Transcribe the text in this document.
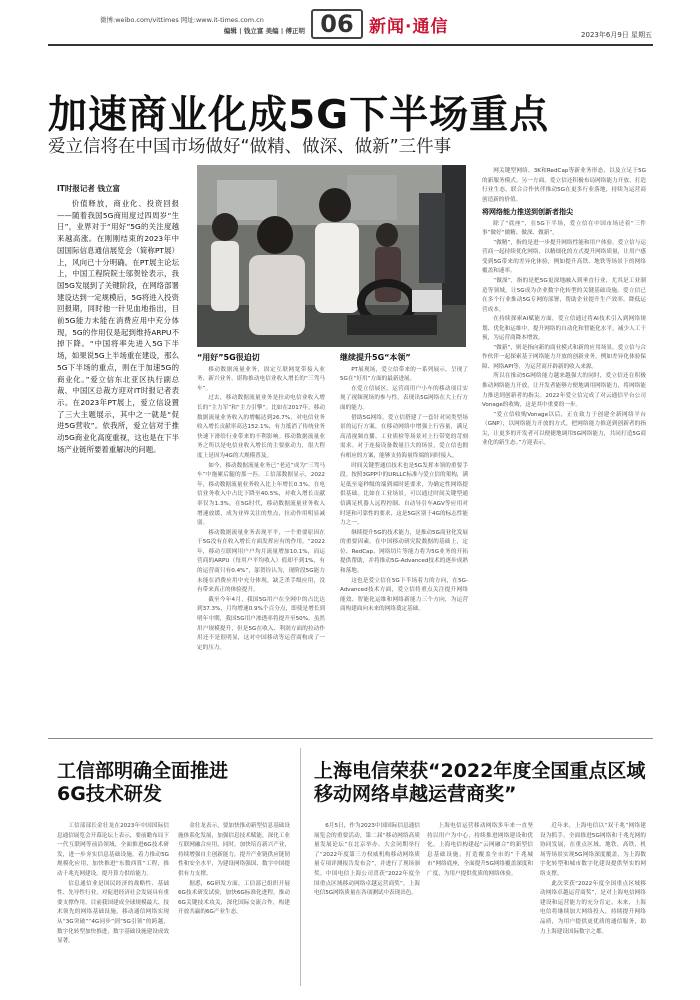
微博:weibo.com/vittimes 网址:www.it-times.com.cn
编辑 | 钱立富 美编 | 傅正明 06 新闻·通信	2023年6月9日 星期五
加速商业化成5G下半场重点
爱立信将在中国市场做好“做精、做深、做新”三件事
IT时报记者 钱立富
价值释放，商业化、投资回报——随着我国5G商用度过四周岁“生日”，业界对于“用好”5G的关注度越来越高涨。在刚刚结束的2023年中国国际信息通信展览会（简称PT展）上，风向已十分明确。在PT展主论坛上，中国工程院院士邬贺铨表示，我国5G发展到了关键阶段，在网络部署建设达到一定规模后，5G将进入投资回报期，同时他一针见血地指出，目前5G能力未能在消费应用中充分体现，5G的作用仅是起到维持ARPU不掉下降。“中国将率先进入5G下半场，如果说5G上半场重在建设，那么5G下半场的重点，则在于加速5G的商业化。”爱立信东北亚区执行副总裁、中国区总裁方迎对IT时报记者表示。在2023年PT展上，爱立信设置了三大主题展示，其中之一就是“促进5G营收”。依我所，爱立信对于推动5G商业化高度重视，这也是在下半场产业链所要着重解决的问题。
“用好”5G很迫切

移动数据流量业务，固定互联网宽带接入业务、新兴业务，堪称推动电信业收入增长的“三驾马车”。

过去，移动数据流量业务是拉动电信业收入增长的“主力军”和“主力引擎”。比如在2017年，移动数据流量业务收入的增幅达到26.7%，对电信业务收入增长贡献率高达152.1%，有力抵消了传统业务快速下滑给行业带来的不利影响。移动数据流量业务之所以是电信业收入增长的主要驱动力，很大程度上是因为4G的大规模普及。

如今，移动数据流量业务已“老迈”成为“三驾马车”中拖累后腿的那一匹。工信部数据显示，2022年，移动数据流量业务收入比上年增长0.3%，在电信业务收入中占比下降至40.5%，对收入增长贡献率仅为1.3%。在5G时代，移动数据流量业务收入增速放缓，成为业界关注的焦点，拉动作用明显减弱。

移动数据流量业务表现平平，一个重要原因在于5G没有在收入增长方面发挥应有的作用。“2022年，移动互联网用户户均月流量增加10.1%，而运营商的ARPU（每用户平均收入）值却不到1%，有的运营商只有0.4%”，邬贺铨认为，现阶段5G能力未能在消费应用中充分体现，缺乏杀手级应用，没有带来真正的体验提升。

截至今年4月，我国5G用户在全网中的占比达到37.3%，月均增速0.9%个百分点，即使是增长到明年中期，我国5G用户渗透率将提升至50%。虽然用户规模提升，但是5G在收入、利润方面的拉动作用还不是很明显，这对中国移动等运营商构成了一定的压力。

继续提升5G“本领”

PT展现场，爱立信带来的一系列展示，呈现了5G在“好用”方面的最新进展。

在爱立信展区，运营商用户小车的移动项目实现了视频现场的参与性，表现出5G网络在大上行方面的能力。

借助5G网络，爱立信搭建了一套针对同类型场景的运行方案，在移动网络中增强上行容量，满足高清视频直播、工业质检等场景对上行带宽的苛刻需求。对于连接设备数量巨大的场景，爱立信也拥有相应的方案，能够支持海量终端的同时接入。

时间关键型通信技术也是5G发挥本领的重要手段。按照3GPP中的URLLC标准与爱立信的架构，满足低至毫秒级的端到端时延要求，为确定性网络提供基础。比如在工业场景，可以通过时间关键型通信满足机器人远程控制、自动导引车AGV等应用对时延和可靠性的要求，这是5G区别于4G的标志性能力之一。

继续提升5G的技术能力，是推动5G商业化发展的重要因素。在中国移动研究院数据的基础上，定位、RedCap、网络切片等能力将为5G业务的开拓提供帮助，并将推动5G-Advanced技术的逐步成熟和落地。

这也是爱立信在5G下半场着力的方向，在5G-Advanced技术方面，爱立信将重点关注提升网络能效、智能化运维和网络新能力三个方向，为运营商构建面向未来的网络奠定基础。

网关键型网络、3K和RedCap等新业务形态，以及立足于5G的新服务模式。另一方面，爱立信还积极布局网络能力开放、打造行业生态，联合合作伙伴推动5G在更多行业落地，持续为运营商创造新的价值。

将网络能力推送到创新者指尖

除了“底座”，在5G下半场，爱立信在中国市场还着“三件事”做好“做精、做深、做新”。

“做精”，指的是进一步提升网络性能和用户体验。爱立信与运营商一起持续优化网络，以精细化的方式提升网络质量，让用户感受到5G带来的差异化体验，例如提升高铁、地铁等场景下的网络覆盖和速率。

“做深”，指的是把5G更深地融入到垂直行业，尤其是工业制造等领域，让5G成为企业数字化转型的关键基础设施。爱立信已在多个行业推动5G专网的部署，帮助企业提升生产效率、降低运营成本。

在持续探索AI赋能方面，爱立信通过将AI技术引入到网络规划、优化和运维中，提升网络的自动化和智能化水平，减少人工干预，为运营商降本增效。

“做新”，则是指向新的商业模式和新的应用场景。爱立信与合作伙伴一起探索基于网络能力开放的创新业务，例如差异化体验保障、网络API等，为运营商开辟新的收入来源。

所以在推动5G网络能力越来越强大的同时，爱立信还在积极推动网络能力开放，让开发者能够方便地调用网络能力，将网络能力推送到创新者的指尖。2022年爱立信完成了对云通信平台公司Vonage的收购，这是其中重要的一步。

“爱立信收购Vonage以后，正在致力于创建全新网络平台（GNP），以网络能力开放的方式，把网络能力推送到创新者的指尖，让更多的开发者可以便捷地调用5G网络能力，共同打造5G商业化的新生态。”方迎表示。

工信部明确全面推进
6G技术研发

工信部部长金壮龙在2023年中国国际信息通信展览会开幕论坛上表示，要前瞻布局下一代互联网等前沿领域，全面推进6G技术研发，进一步夯实信息基础设施，着力推动5G规模化应用，加快推进“东数西算”工程，推动千兆光网建设，提升算力供给能力。

信息通信业是国民经济的战略性、基础性、先导性行业，对促进经济社会发展具有重要支撑作用。目前我国建成全球规模最大、技术领先的网络基础设施，移动通信网络实现从“3G突破”“4G同步”到“5G引领”的跨越，数字化转型加快推进，数字基础设施建设成效显著。

金壮龙表示，要加快推动新型信息基础设施体系化发展，加强信息技术赋能，深化工业互联网融合应用，同时，加快培育新兴产业，持续增强自主创新能力，提升产业链供应链韧性和安全水平，为建设网络强国、数字中国提供有力支撑。

据悉，6G研发方面，工信部已组织开展6G技术研发试验，加快6G标准化进程，推动6G关键技术攻关，深化国际交流合作，构建开放共赢的6G产业生态。

上海电信荣获“2022年度全国重点区域
移动网络卓越运营商奖”

6月5日，作为2023中国国际信息通信展览会的重要活动，第二届“移动网络高质量发展论坛”在北京举办。大会同期举行了“2022年度第三方权威机构移动网络质量专项评测报告发布会”，并进行了现场颁奖。中国电信上海公司喜获“2022年度全国重点区域移动网络卓越运营商奖”，上海电信5G网络质量在各项测试中表现出色。

上海电信运营移动网络多年来一直坚持以用户为中心，持续推进网络建设和优化。上海电信构建起“云网融合”的新型信息基础设施，打造覆盖全市的“千兆城市”网络底座，全面提升5G网络覆盖深度和广度，为用户提供优质的网络体验。

近年来，上海电信以“双千兆”网络建设为抓手，全面推进5G网络和千兆光网的协同发展，在重点区域、地铁、高铁、机场等场景实现5G网络深度覆盖，为上海数字化转型和城市数字化建设提供坚实的网络支撑。

此次荣获“2022年度全国重点区域移动网络卓越运营商奖”，是对上海电信网络建设和运营能力的充分肯定。未来，上海电信将继续加大网络投入，持续提升网络品质，为用户提供更优质的通信服务，助力上海建设国际数字之都。
